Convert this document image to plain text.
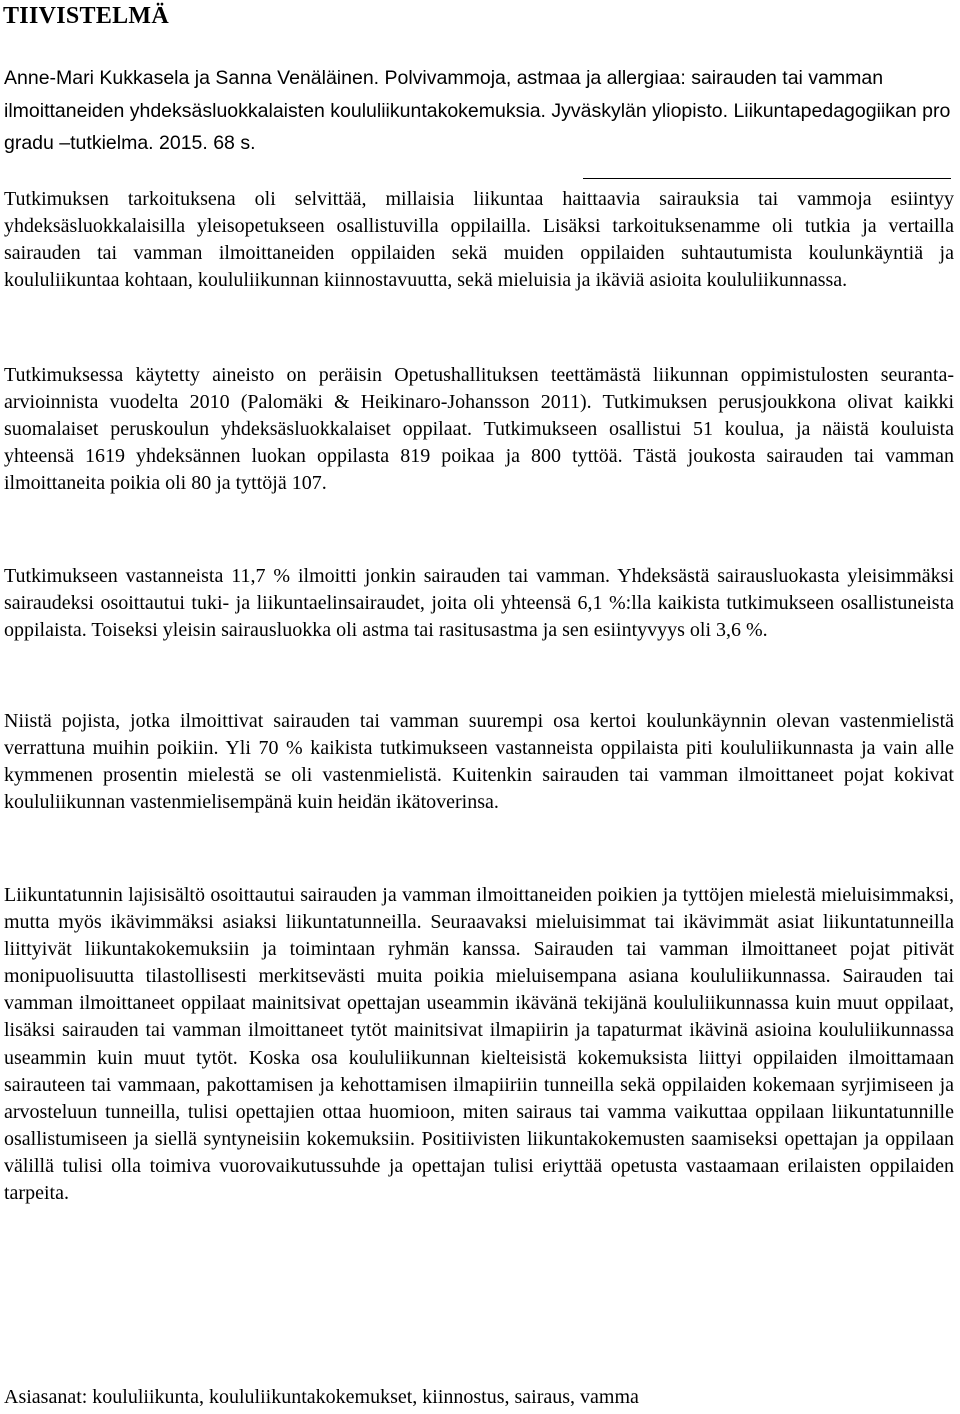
TIIVISTELMÄ

Anne-Mari Kukkasela ja Sanna Venäläinen. Polvivammoja, astmaa ja allergiaa: sairauden tai vamman ilmoittaneiden yhdeksäsluokkalaisten koululiikuntakokemuksia. Jyväskylän yliopisto. Liikuntapedagogiikan pro gradu –tutkielma. 2015. 68 s.

Tutkimuksen tarkoituksena oli selvittää, millaisia liikuntaa haittaavia sairauksia tai vammoja esiintyy yhdeksäsluokkalaisilla yleisopetukseen osallistuvilla oppilailla. Lisäksi tarkoituksenamme oli tutkia ja vertailla sairauden tai vamman ilmoittaneiden oppilaiden sekä muiden oppilaiden suhtautumista koulunkäyntiä ja koululiikuntaa kohtaan, koululiikunnan kiinnostavuutta, sekä mieluisia ja ikäviä asioita koululiikunnassa.

Tutkimuksessa käytetty aineisto on peräisin Opetushallituksen teettämästä liikunnan oppimistulosten seuranta-arvioinnista vuodelta 2010 (Palomäki & Heikinaro-Johansson 2011). Tutkimuksen perusjoukkona olivat kaikki suomalaiset peruskoulun yhdeksäsluokkalaiset oppilaat. Tutkimukseen osallistui 51 koulua, ja näistä kouluista yhteensä 1619 yhdeksännen luokan oppilasta 819 poikaa ja 800 tyttöä. Tästä joukosta sairauden tai vamman ilmoittaneita poikia oli 80 ja tyttöjä 107.

Tutkimukseen vastanneista 11,7 % ilmoitti jonkin sairauden tai vamman. Yhdeksästä sairausluokasta yleisimmäksi sairaudeksi osoittautui tuki- ja liikuntaelinsairaudet, joita oli yhteensä 6,1 %:lla kaikista tutkimukseen osallistuneista oppilaista. Toiseksi yleisin sairausluokka oli astma tai rasitusastma ja sen esiintyvyys oli 3,6 %.

Niistä pojista, jotka ilmoittivat sairauden tai vamman suurempi osa kertoi koulunkäynnin olevan vastenmielistä verrattuna muihin poikiin. Yli 70 % kaikista tutkimukseen vastanneista oppilaista piti koululiikunnasta ja vain alle kymmenen prosentin mielestä se oli vastenmielistä. Kuitenkin sairauden tai vamman ilmoittaneet pojat kokivat koululiikunnan vastenmielisempänä kuin heidän ikätoverinsa.

Liikuntatunnin lajisisältö osoittautui sairauden ja vamman ilmoittaneiden poikien ja tyttöjen mielestä mieluisimmaksi, mutta myös ikävimmäksi asiaksi liikuntatunneilla. Seuraavaksi mieluisimmat tai ikävimmät asiat liikuntatunneilla liittyivät liikuntakokemuksiin ja toimintaan ryhmän kanssa. Sairauden tai vamman ilmoittaneet pojat pitivät monipuolisuutta tilastollisesti merkitsevästi muita poikia mieluisempana asiana koululiikunnassa. Sairauden tai vamman ilmoittaneet oppilaat mainitsivat opettajan useammin ikävänä tekijänä koululiikunnassa kuin muut oppilaat, lisäksi sairauden tai vamman ilmoittaneet tytöt mainitsivat ilmapiirin ja tapaturmat ikävinä asioina koululiikunnassa useammin kuin muut tytöt. Koska osa koululiikunnan kielteisistä kokemuksista liittyi oppilaiden ilmoittamaan sairauteen tai vammaan, pakottamisen ja kehottamisen ilmapiiriin tunneilla sekä oppilaiden kokemaan syrjimiseen ja arvosteluun tunneilla, tulisi opettajien ottaa huomioon, miten sairaus tai vamma vaikuttaa oppilaan liikuntatunnille osallistumiseen ja siellä syntyneisiin kokemuksiin. Positiivisten liikuntakokemusten saamiseksi opettajan ja oppilaan välillä tulisi olla toimiva vuorovaikutussuhde ja opettajan tulisi eriyttää opetusta vastaamaan erilaisten oppilaiden tarpeita.

Asiasanat: koululiikunta, koululiikuntakokemukset, kiinnostus, sairaus, vamma
